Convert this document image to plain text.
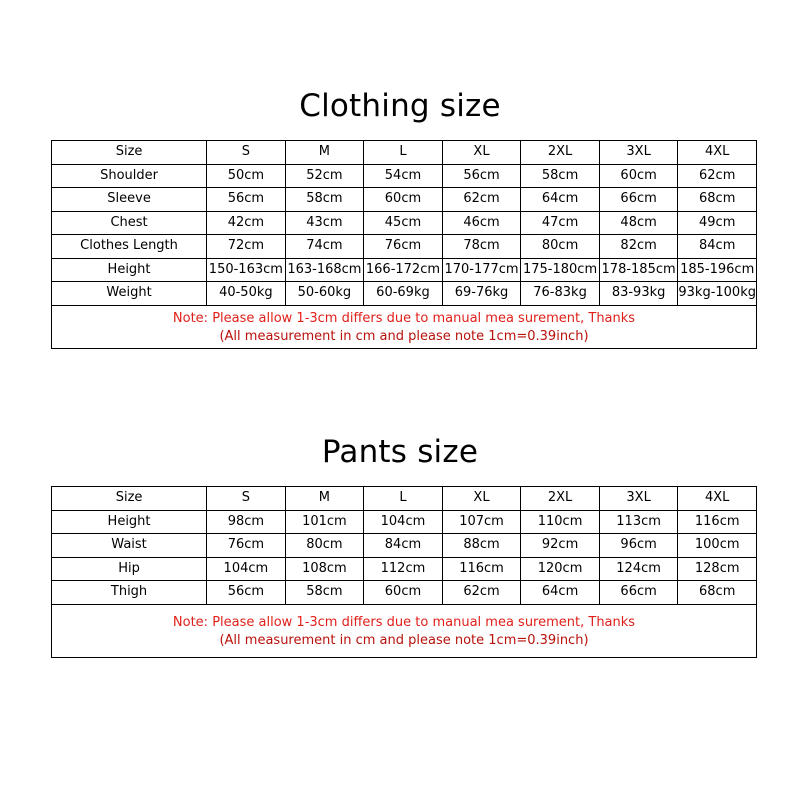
Clothing size
Size	S	M	L	XL	2XL	3XL	4XL
Shoulder	50cm	52cm	54cm	56cm	58cm	60cm	62cm
Sleeve	56cm	58cm	60cm	62cm	64cm	66cm	68cm
Chest	42cm	43cm	45cm	46cm	47cm	48cm	49cm
Clothes Length	72cm	74cm	76cm	78cm	80cm	82cm	84cm
Height	150-163cm	163-168cm	166-172cm	170-177cm	175-180cm	178-185cm	185-196cm
Weight	40-50kg	50-60kg	60-69kg	69-76kg	76-83kg	83-93kg	93kg-100kg

Note: Please allow 1-3cm differs due to manual mea surement, Thanks
(All measurement in cm and please note 1cm=0.39inch)							
Pants size
Size	S	M	L	XL	2XL	3XL	4XL
Height	98cm	101cm	104cm	107cm	110cm	113cm	116cm
Waist	76cm	80cm	84cm	88cm	92cm	96cm	100cm
Hip	104cm	108cm	112cm	116cm	120cm	124cm	128cm
Thigh	56cm	58cm	60cm	62cm	64cm	66cm	68cm

Note: Please allow 1-3cm differs due to manual mea surement, Thanks
(All measurement in cm and please note 1cm=0.39inch)							
